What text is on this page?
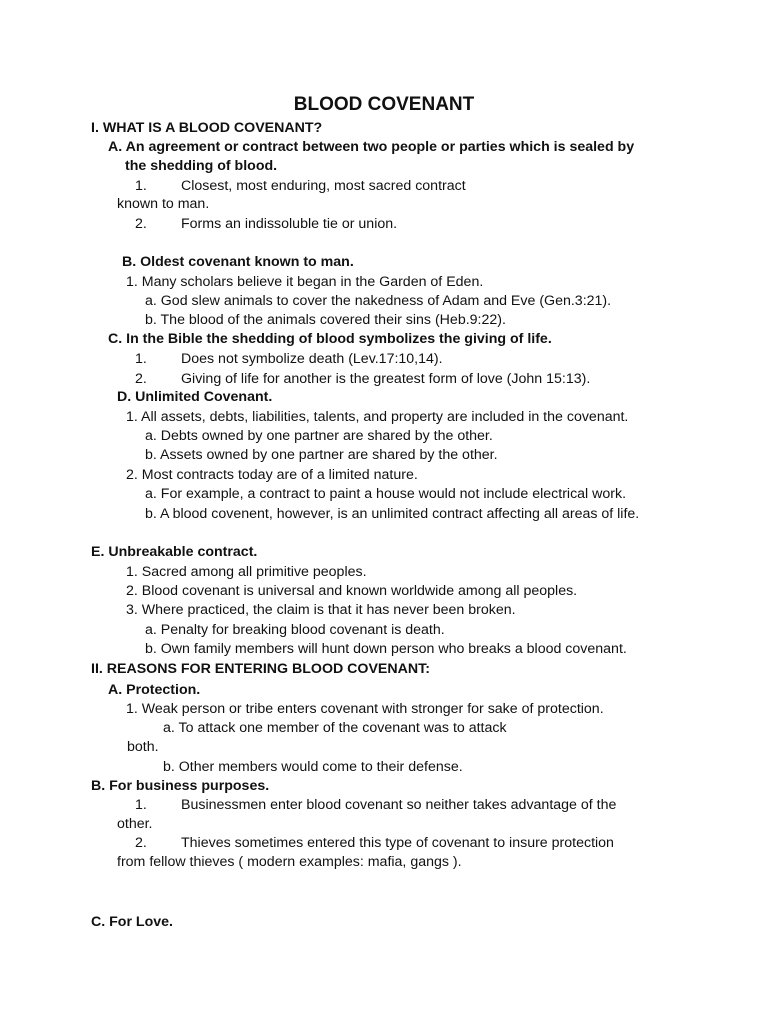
BLOOD COVENANT
I. WHAT IS A BLOOD COVENANT?
A. An agreement or contract between two people or parties which is sealed by
the shedding of blood.
1. Closest, most enduring, most sacred contract
known to man.
2. Forms an indissoluble tie or union.
B. Oldest covenant known to man.
1. Many scholars believe it began in the Garden of Eden.
a. God slew animals to cover the nakedness of Adam and Eve (Gen.3:21).
b. The blood of the animals covered their sins (Heb.9:22).
C. In the Bible the shedding of blood symbolizes the giving of life.
1. Does not symbolize death (Lev.17:10,14).
2. Giving of life for another is the greatest form of love (John 15:13).
D. Unlimited Covenant.
1. All assets, debts, liabilities, talents, and property are included in the covenant.
a. Debts owned by one partner are shared by the other.
b. Assets owned by one partner are shared by the other.
2. Most contracts today are of a limited nature.
a. For example, a contract to paint a house would not include electrical work.
b. A blood covenent, however, is an unlimited contract affecting all areas of life.
E. Unbreakable contract.
1. Sacred among all primitive peoples.
2. Blood covenant is universal and known worldwide among all peoples.
3. Where practiced, the claim is that it has never been broken.
a. Penalty for breaking blood covenant is death.
b. Own family members will hunt down person who breaks a blood covenant.
II. REASONS FOR ENTERING BLOOD COVENANT:
A. Protection.
1. Weak person or tribe enters covenant with stronger for sake of protection.
a. To attack one member of the covenant was to attack
both.
b. Other members would come to their defense.
B. For business purposes.
1. Businessmen enter blood covenant so neither takes advantage of the
other.
2. Thieves sometimes entered this type of covenant to insure protection
from fellow thieves ( modern examples: mafia, gangs ).
C. For Love.
